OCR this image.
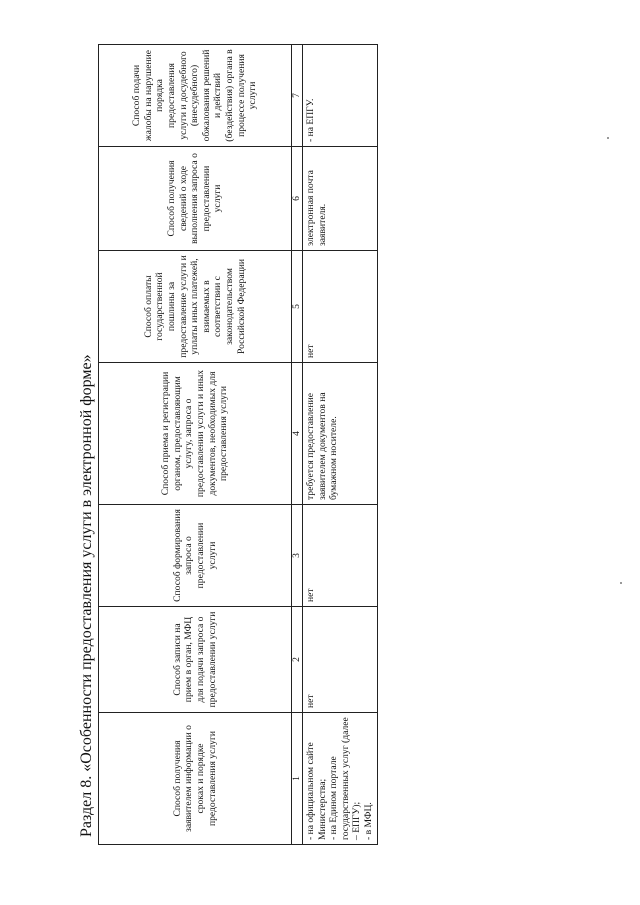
Раздел 8. «Особенности предоставления услуги в электронной форме»	Способ получения заявителем информации о сроках и порядке предоставления услуги	Способ записи на прием в орган, МФЦ для подачи запроса о предоставлении услуги	Способ формирования запроса о предоставлении услуги	Способ приема и регистрации органом, предоставляющим услугу, запроса о предоставлении услуги и иных документов, необходимых для предоставления услуги	Способ оплаты государственной пошлины за предоставление услуги и уплаты иных платежей, взимаемых в соответствии с законодательством Российской Федерации	Способ получения сведений о ходе выполнения запроса о предоставлении услуги	Способ подачи жалобы на нарушение порядка предоставления услуги и досудебного (внесудебного) обжалования решений и действий (бездействия) органа в процессе получения услуги

1	2	3	4	5	6	7

- на официальном сайте Министерства;
- на Едином портале государственных услуг (далее – ЕПГУ);
- в МФЦ.	нет	нет	требуется предоставление заявителем документов на бумажном носителе.	нет	электронная почта заявителя.	- на ЕПГУ.
